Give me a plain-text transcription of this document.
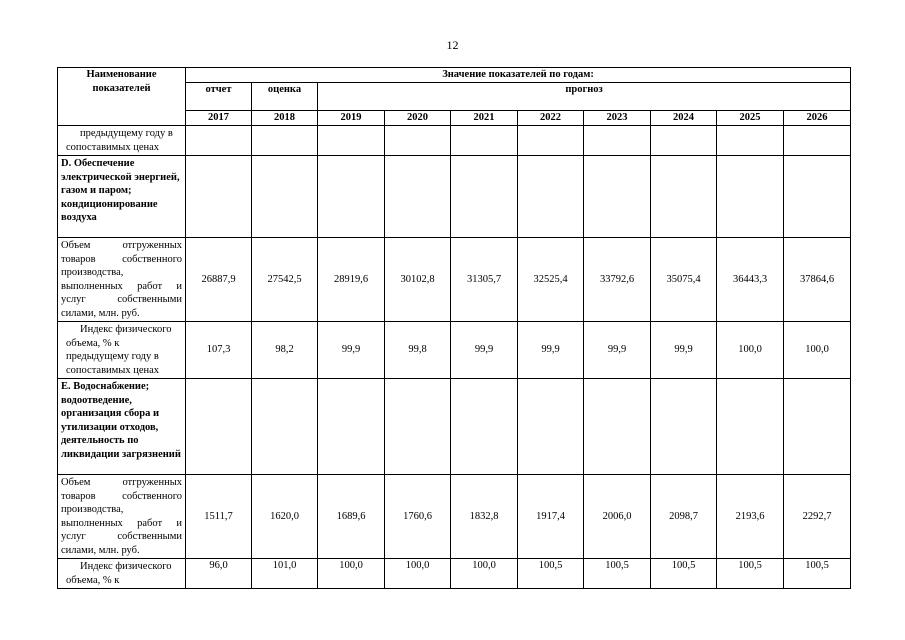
12
Наименование показателей	Значение показателей по годам:									
	отчет	оценка	прогноз							
	2017	2018	2019	2020	2021	2022	2023	2024	2025	2026
предыдущему году в сопоставимых ценах										
D. Обеспечение электрической энергией, газом и паром; кондиционирование воздуха										
Объем отгруженных товаров собственного производства, выполненных работ и услуг собственными силами, млн. руб.	26887,9	27542,5	28919,6	30102,8	31305,7	32525,4	33792,6	35075,4	36443,3	37864,6
Индекс физического объема, % к предыдущему году в сопоставимых ценах	107,3	98,2	99,9	99,8	99,9	99,9	99,9	99,9	100,0	100,0
E. Водоснабжение; водоотведение, организация сбора и утилизации отходов, деятельность по ликвидации загрязнений										
Объем отгруженных товаров собственного производства, выполненных работ и услуг собственными силами, млн. руб.	1511,7	1620,0	1689,6	1760,6	1832,8	1917,4	2006,0	2098,7	2193,6	2292,7
Индекс физического объема, % к	96,0	101,0	100,0	100,0	100,0	100,5	100,5	100,5	100,5	100,5
